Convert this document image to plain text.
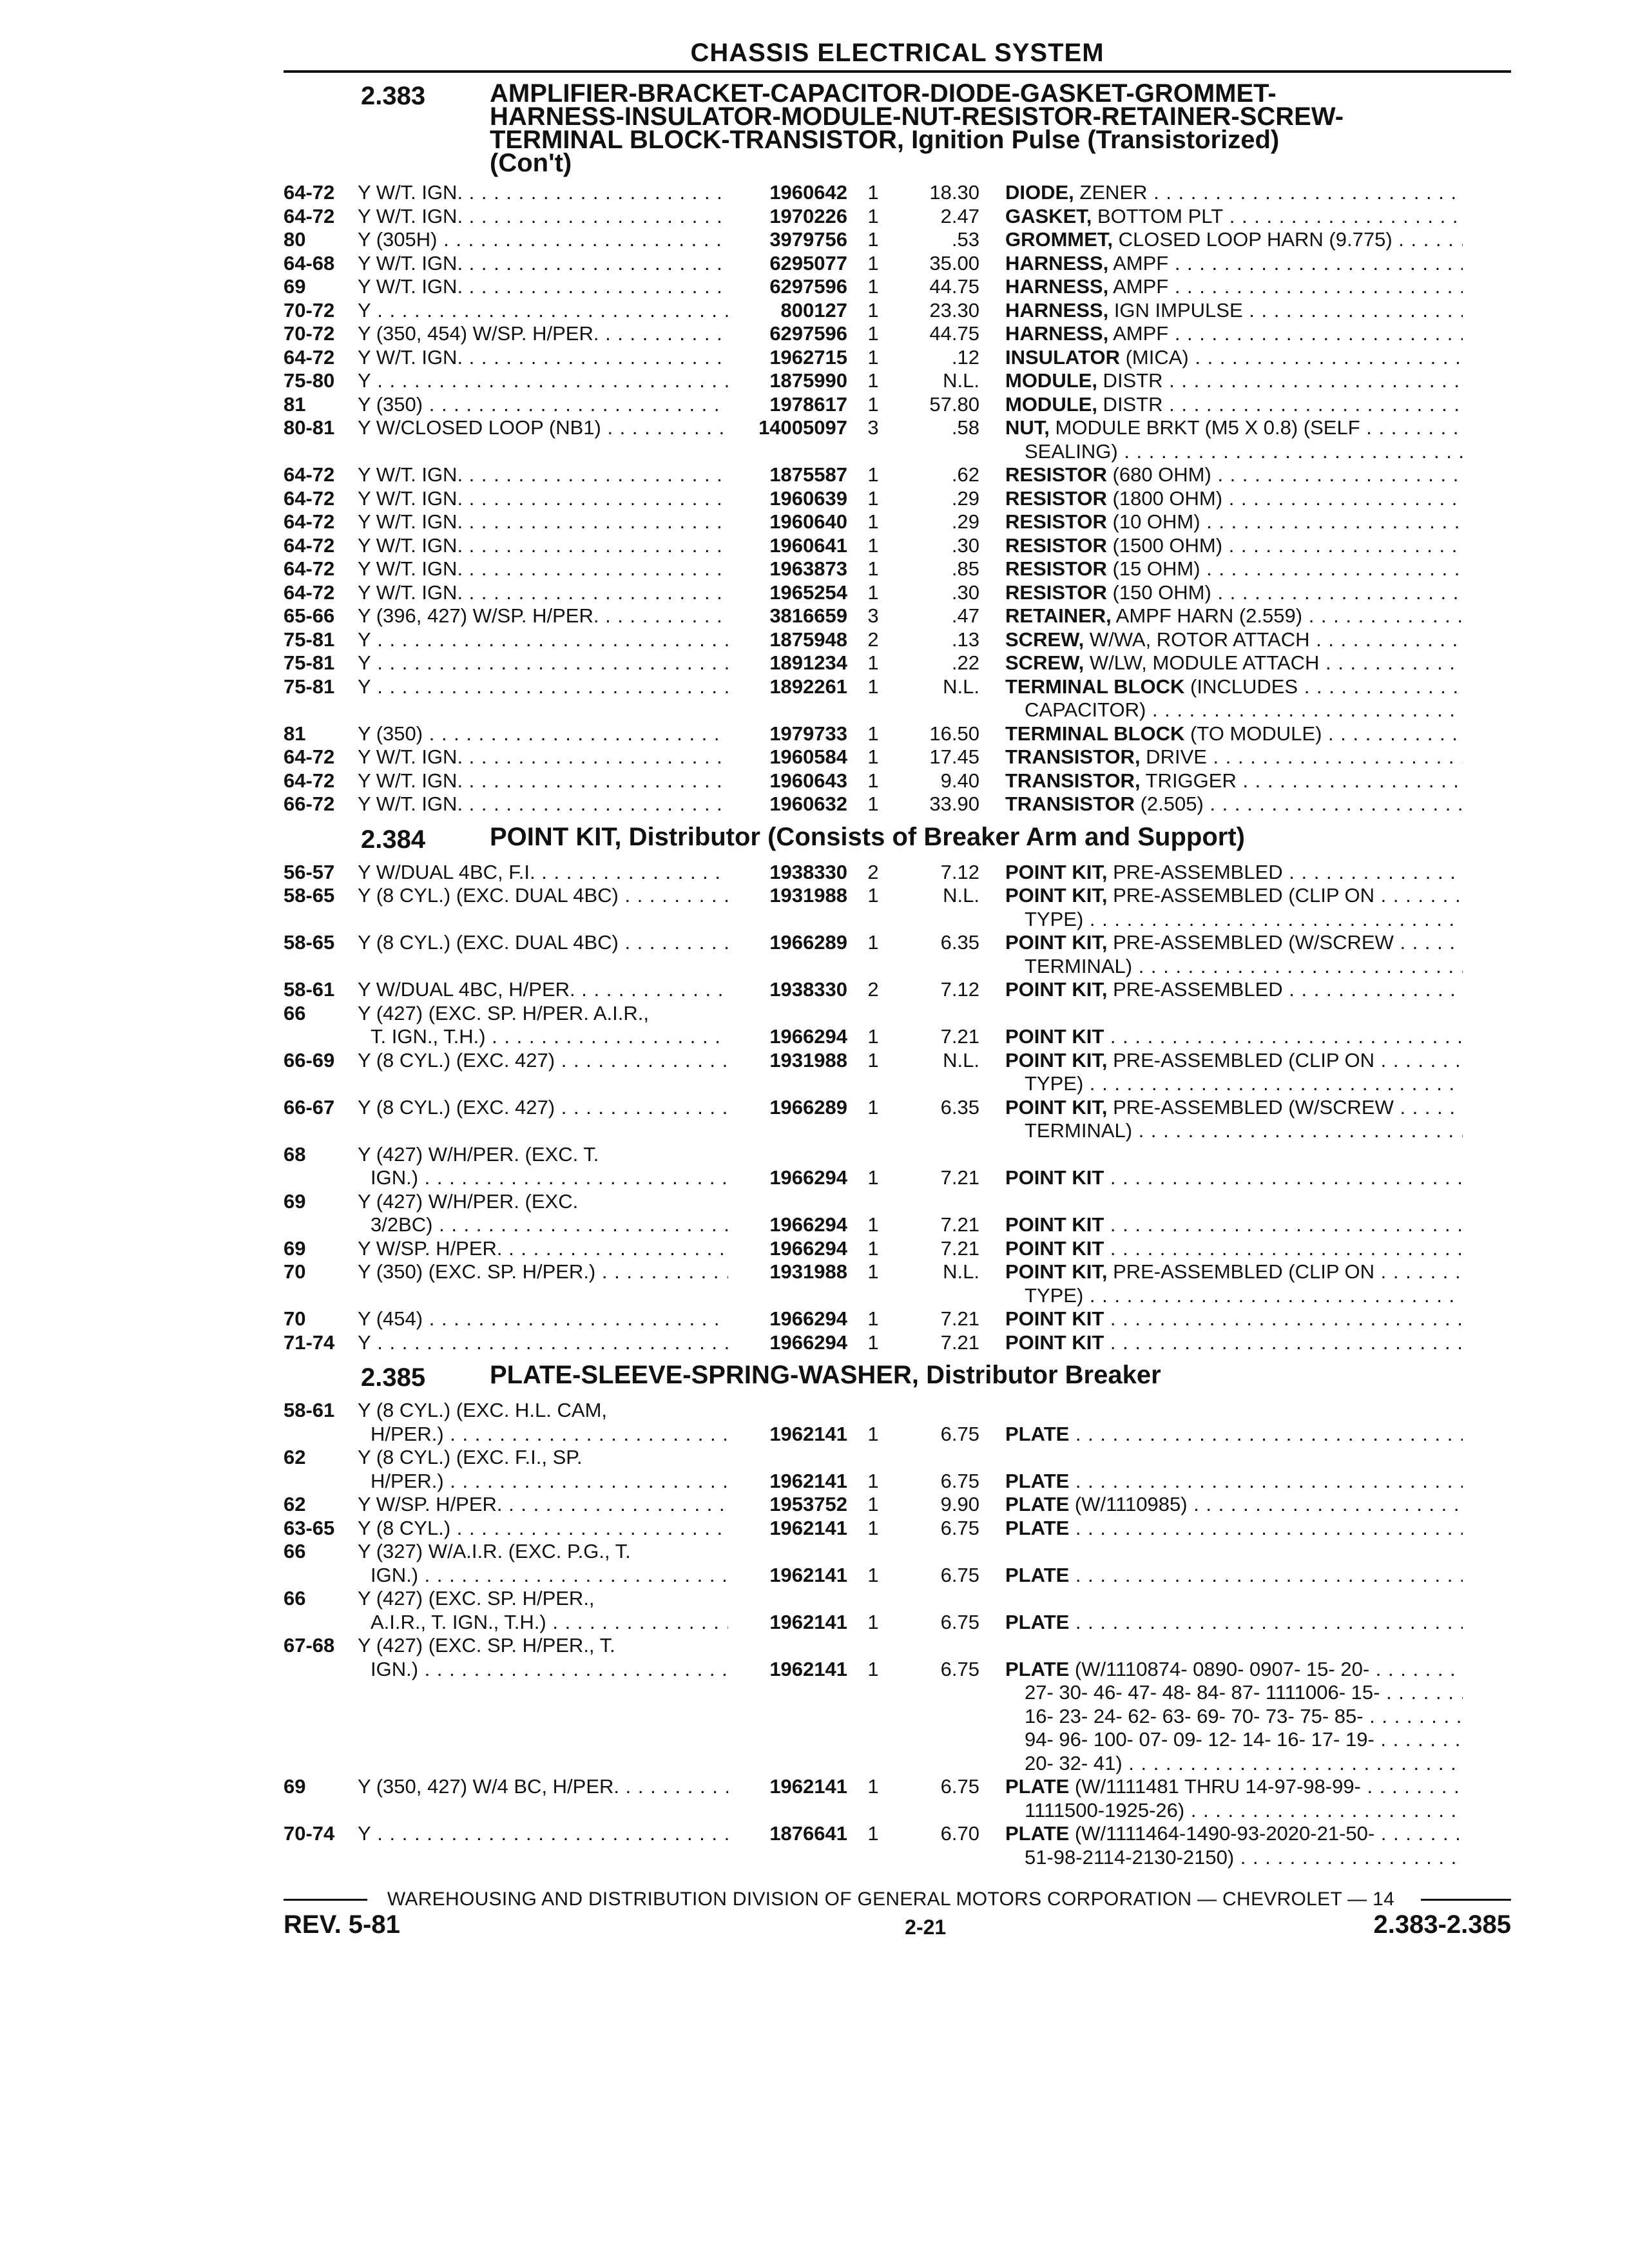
CHASSIS ELECTRICAL SYSTEM
2.383	AMPLIFIER-BRACKET-CAPACITOR-DIODE-GASKET-GROMMET-
HARNESS-INSULATOR-MODULE-NUT-RESISTOR-RETAINER-SCREW-
TERMINAL BLOCK-TRANSISTOR, Ignition Pulse (Transistorized)
(Con't)
64-72	Y W/T. IGN. . . .	1960642	1	18.30 DIODE, ZENER . . .
64-72	Y W/T. IGN. . . .	1970226	1	2.47 GASKET, BOTTOM PLT . . .
80	Y (305H) . . .	3979756	1	.53 GROMMET, CLOSED LOOP HARN (9.775) . . .
64-68	Y W/T. IGN. . . .	6295077	1	35.00 HARNESS, AMPF . . .
69	Y W/T. IGN. . . .	6297596	1	44.75 HARNESS, AMPF . . .
70-72	Y . . .	800127	1	23.30 HARNESS, IGN IMPULSE . . .
70-72	Y (350, 454) W/SP. H/PER. . . .	6297596	1	44.75 HARNESS, AMPF . . .
64-72	Y W/T. IGN. . . .	1962715	1	.12 INSULATOR (MICA) . . .
75-80	Y . . .	1875990	1	N.L. MODULE, DISTR . . .
81	Y (350) . . .	1978617	1	57.80 MODULE, DISTR . . .
80-81	Y W/CLOSED LOOP (NB1) . . .	14005097	3	.58 NUT, MODULE BRKT (M5 X 0.8) (SELF . . .
SEALING) . . .
64-72	Y W/T. IGN. . . .	1875587	1	.62 RESISTOR (680 OHM) . . .
64-72	Y W/T. IGN. . . .	1960639	1	.29 RESISTOR (1800 OHM) . . .
64-72	Y W/T. IGN. . . .	1960640	1	.29 RESISTOR (10 OHM) . . .
64-72	Y W/T. IGN. . . .	1960641	1	.30 RESISTOR (1500 OHM) . . .
64-72	Y W/T. IGN. . . .	1963873	1	.85 RESISTOR (15 OHM) . . .
64-72	Y W/T. IGN. . . .	1965254	1	.30 RESISTOR (150 OHM) . . .
65-66	Y (396, 427) W/SP. H/PER. . . .	3816659	3	.47 RETAINER, AMPF HARN (2.559) . . .
75-81	Y . . .	1875948	2	.13 SCREW, W/WA, ROTOR ATTACH . . .
75-81	Y . . .	1891234	1	.22 SCREW, W/LW, MODULE ATTACH . . .
75-81	Y . . .	1892261	1	N.L. TERMINAL BLOCK (INCLUDES . . .
CAPACITOR) . . .
81	Y (350) . . .	1979733	1	16.50 TERMINAL BLOCK (TO MODULE) . . .
64-72	Y W/T. IGN. . . .	1960584	1	17.45 TRANSISTOR, DRIVE . . .
64-72	Y W/T. IGN. . . .	1960643	1	9.40 TRANSISTOR, TRIGGER . . .
66-72	Y W/T. IGN. . . .	1960632	1	33.90 TRANSISTOR (2.505) . . .
2.384	POINT KIT, Distributor (Consists of Breaker Arm and Support)
56-57	Y W/DUAL 4BC, F.I. . . .	1938330	2	7.12 POINT KIT, PRE-ASSEMBLED . . .
58-65	Y (8 CYL.) (EXC. DUAL 4BC) . . .	1931988	1	N.L. POINT KIT, PRE-ASSEMBLED (CLIP ON . . .
TYPE) . . .
58-65	Y (8 CYL.) (EXC. DUAL 4BC) . . .	1966289	1	6.35 POINT KIT, PRE-ASSEMBLED (W/SCREW . . .
TERMINAL) . . .
58-61	Y W/DUAL 4BC, H/PER. . . .	1938330	2	7.12 POINT KIT, PRE-ASSEMBLED . . .
66	Y (427) (EXC. SP. H/PER. A.I.R.,
T. IGN., T.H.) . . .	1966294	1	7.21 POINT KIT . . .
66-69	Y (8 CYL.) (EXC. 427) . . .	1931988	1	N.L. POINT KIT, PRE-ASSEMBLED (CLIP ON . . .
TYPE) . . .
66-67	Y (8 CYL.) (EXC. 427) . . .	1966289	1	6.35 POINT KIT, PRE-ASSEMBLED (W/SCREW . . .
TERMINAL) . . .
68	Y (427) W/H/PER. (EXC. T.
IGN.) . . .	1966294	1	7.21 POINT KIT . . .
69	Y (427) W/H/PER. (EXC.
3/2BC) . . .	1966294	1	7.21 POINT KIT . . .
69	Y W/SP. H/PER. . . .	1966294	1	7.21 POINT KIT . . .
70	Y (350) (EXC. SP. H/PER.) . . .	1931988	1	N.L. POINT KIT, PRE-ASSEMBLED (CLIP ON . . .
TYPE) . . .
70	Y (454) . . .	1966294	1	7.21 POINT KIT . . .
71-74	Y . . .	1966294	1	7.21 POINT KIT . . .
2.385	PLATE-SLEEVE-SPRING-WASHER, Distributor Breaker
58-61	Y (8 CYL.) (EXC. H.L. CAM,
H/PER.) . . .	1962141	1	6.75 PLATE . . .
62	Y (8 CYL.) (EXC. F.I., SP.
H/PER.) . . .	1962141	1	6.75 PLATE . . .
62	Y W/SP. H/PER. . . .	1953752	1	9.90 PLATE (W/1110985) . . .
63-65	Y (8 CYL.) . . .	1962141	1	6.75 PLATE . . .
66	Y (327) W/A.I.R. (EXC. P.G., T.
IGN.) . . .	1962141	1	6.75 PLATE . . .
66	Y (427) (EXC. SP. H/PER.,
A.I.R., T. IGN., T.H.) . . .	1962141	1	6.75 PLATE . . .
67-68	Y (427) (EXC. SP. H/PER., T.
IGN.) . . .	1962141	1	6.75 PLATE (W/1110874- 0890- 0907- 15- 20- . . .
27- 30- 46- 47- 48- 84- 87- 1111006- 15- . . .
16- 23- 24- 62- 63- 69- 70- 73- 75- 85- . . .
94- 96- 100- 07- 09- 12- 14- 16- 17- 19- . . .
20- 32- 41) . . .
69	Y (350, 427) W/4 BC, H/PER. . . .	1962141	1	6.75 PLATE (W/1111481 THRU 14-97-98-99- . . .
1111500-1925-26) . . .
70-74	Y . . .	1876641	1	6.70 PLATE (W/1111464-1490-93-2020-21-50- . . .
51-98-2114-2130-2150) . . .
WAREHOUSING AND DISTRIBUTION DIVISION OF GENERAL MOTORS CORPORATION — CHEVROLET — 14
REV. 5-81	2-21	2.383-2.385
